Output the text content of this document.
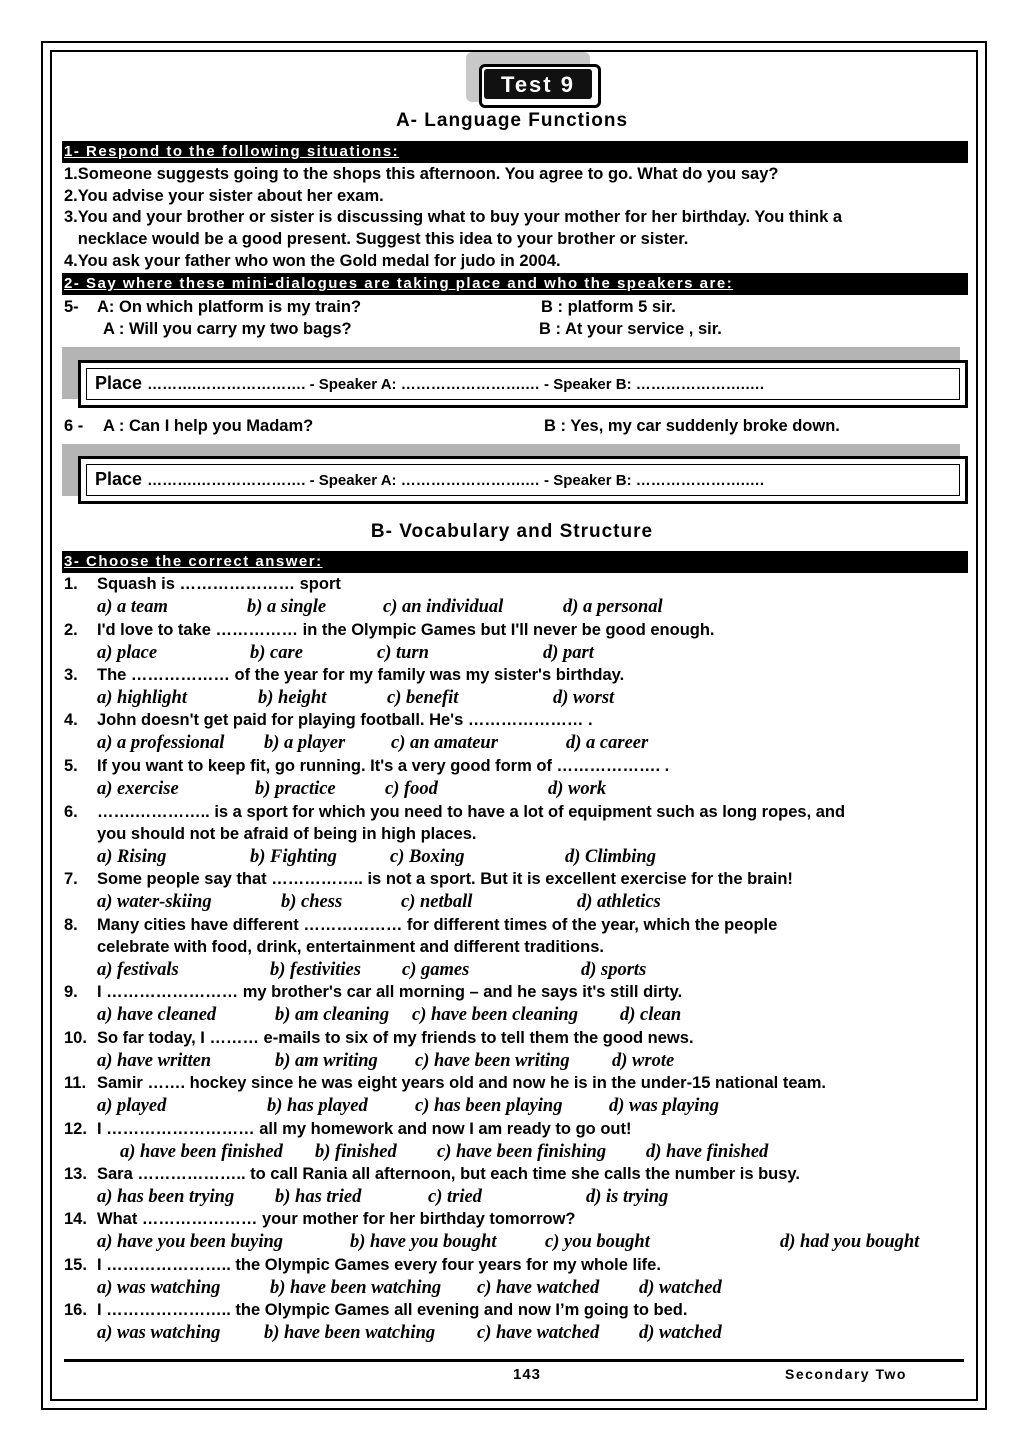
Test 9
A- Language Functions
1- Respond to the following situations:
1.Someone suggests going to the shops this afternoon. You agree to go. What do you say?
2.You advise your sister about her exam.
3.You and your brother or sister is discussing what to buy your mother for her birthday. You think a
necklace would be a good present. Suggest this idea to your brother or sister.
4.You ask your father who won the Gold medal for judo in 2004.
2- Say where these mini-dialogues are taking place and who the speakers are:
5- A: On which platform is my train?	B : platform 5 sir.
A : Will you carry my two bags?	B : At your service , sir.
Place ……….…………………. - Speaker A: …………………….… - Speaker B: ………………….….
6 - A : Can I help you Madam?	B : Yes, my car suddenly broke down.
Place ……….…………………. - Speaker A: …………………….… - Speaker B: ………………….….
B- Vocabulary and Structure
3- Choose the correct answer:
1. Squash is ………………… sport
a) a team	b) a single	c) an individual	d) a personal
2. I'd love to take …………… in the Olympic Games but I'll never be good enough.
a) place	b) care	c) turn	d) part
3. The ……………… of the year for my family was my sister's birthday.
a) highlight	b) height	c) benefit	d) worst
4. John doesn't get paid for playing football. He's ………………… .
a) a professional b) a player c) an amateur	d) a career
5. If you want to keep fit, go running. It's a very good form of ………………. .
a) exercise	b) practice	c) food	d) work
6. …….………….. is a sport for which you need to have a lot of equipment such as long ropes, and
you should not be afraid of being in high places.
a) Rising	b) Fighting	c) Boxing	d) Climbing
7. Some people say that …………….. is not a sport. But it is excellent exercise for the brain!
a) water-skiing	b) chess	c) netball	d) athletics
8. Many cities have different ……………… for different times of the year, which the people
celebrate with food, drink, entertainment and different traditions.
a) festivals	b) festivities c) games	d) sports
9. I …………………… my brother's car all morning – and he says it's still dirty.
a) have cleaned	b) am cleaning c) have been cleaning d) clean
10. So far today, I ……… e-mails to six of my friends to tell them the good news.
a) have written	b) am writing c) have been writing d) wrote
11. Samir ……. hockey since he was eight years old and now he is in the under-15 national team.
a) played	b) has played	c) has been playing	d) was playing
12. I ……………………… all my homework and now I am ready to go out!
a) have been finished b) finished c) have been finishing d) have finished
13. Sara ……………….. to call Rania all afternoon, but each time she calls the number is busy.
a) has been trying b) has tried	c) tried	d) is trying
14. What ………………… your mother for her birthday tomorrow?
a) have you been buying	b) have you bought	c) you bought	d) had you bought
15. I ………………….. the Olympic Games every four years for my whole life.
a) was watching	b) have been watching c) have watched d) watched
16. I ………………….. the Olympic Games all evening and now I’m going to bed.
a) was watching b) have been watching c) have watched d) watched
143	Secondary Two
